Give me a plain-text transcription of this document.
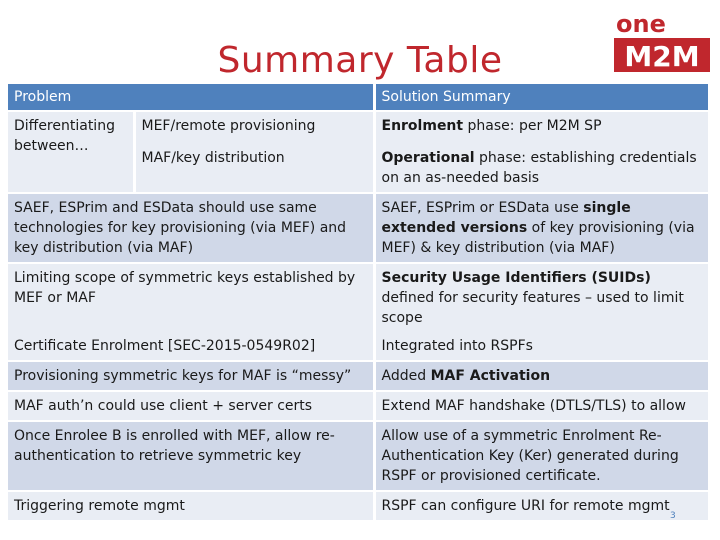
Summary Table
one
M2M
Problem		Solution Summary
Differentiating between…	MEF/remote provisioning	Enrolment phase: per M2M SP
	MAF/key distribution	Operational phase: establishing credentials on an as-needed basis
SAEF, ESPrim and ESData should use same technologies for key provisioning (via MEF) and key distribution (via MAF)		SAEF, ESPrim or ESData use single extended versions of key provisioning (via MEF) & key distribution (via MAF)
Limiting scope of symmetric keys established by MEF or MAF		Security Usage Identifiers (SUIDs) defined for security features – used to limit scope
Certificate Enrolment [SEC-2015-0549R02]		Integrated into RSPFs
Provisioning symmetric keys for MAF is “messy”		Added MAF Activation
MAF auth’n could use client + server certs		Extend MAF handshake (DTLS/TLS) to allow
Once Enrolee B is enrolled with MEF, allow re-authentication to retrieve symmetric key		Allow use of a symmetric Enrolment Re-Authentication Key (Ker) generated during RSPF or provisioned certificate.
Triggering remote mgmt		RSPF can configure URI for remote mgmt
3
